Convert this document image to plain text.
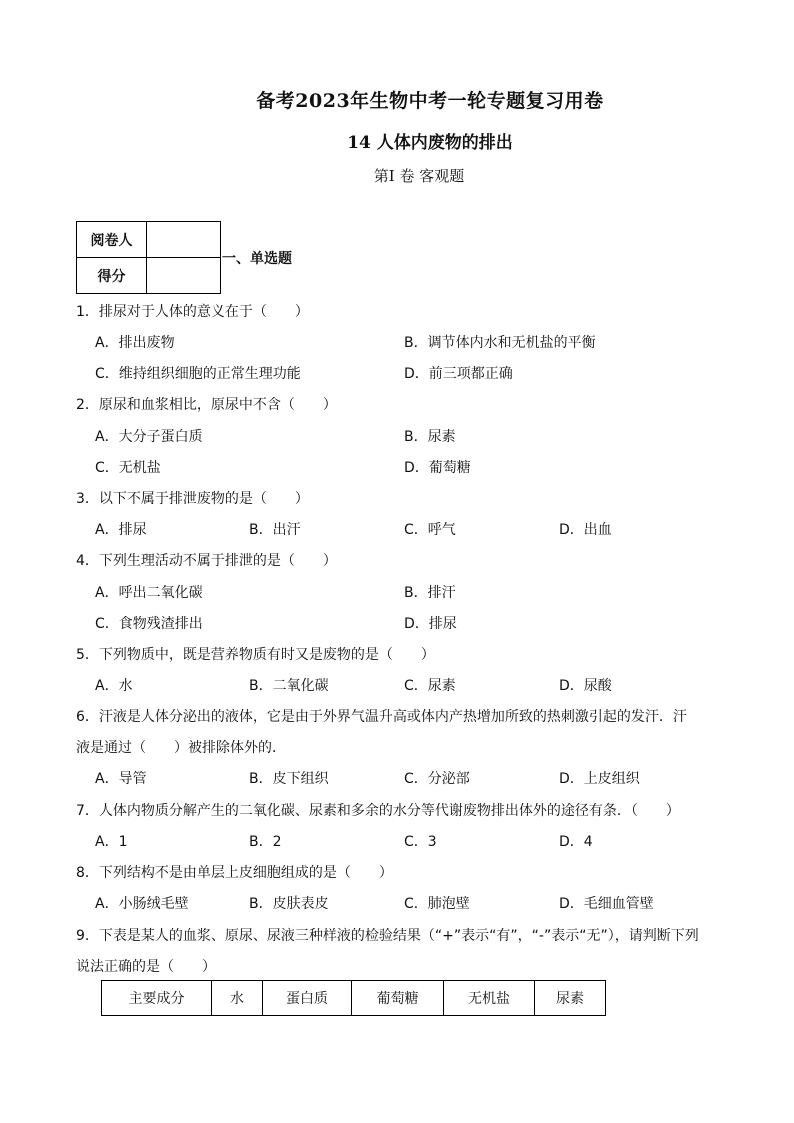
备考2023年生物中考一轮专题复习用卷
14 人体内废物的排出
第Ⅰ 卷 客观题
阅卷人	
得分	
一、单选题
1．排尿对于人体的意义在于（　　）
A．排出废物	B．调节体内水和无机盐的平衡
C．维持组织细胞的正常生理功能	D．前三项都正确
2．原尿和血浆相比，原尿中不含（　　）
A．大分子蛋白质	B．尿素
C．无机盐	D．葡萄糖
3．以下不属于排泄废物的是（　　）
A．排尿	B．出汗	C．呼气	D．出血
4．下列生理活动不属于排泄的是（　　）
A．呼出二氧化碳	B．排汗
C．食物残渣排出	D．排尿
5．下列物质中，既是营养物质有时又是废物的是（　　）
A．水	B．二氧化碳	C．尿素	D．尿酸
6．汗液是人体分泌出的液体，它是由于外界气温升高或体内产热增加所致的热刺激引起的发汗．汗
液是通过（　　）被排除体外的．
A．导管	B．皮下组织	C．分泌部	D．上皮组织
7．人体内物质分解产生的二氧化碳、尿素和多余的水分等代谢废物排出体外的途径有条．（　　）
A．1	B．2	C．3	D．4
8．下列结构不是由单层上皮细胞组成的是（　　）
A．小肠绒毛壁	B．皮肤表皮	C．肺泡壁	D．毛细血管壁
9．下表是某人的血浆、原尿、尿液三种样液的检验结果（“+”表示“有”，“-”表示“无”），请判断下列
说法正确的是（　　）
主要成分	水	蛋白质	葡萄糖	无机盐	尿素
